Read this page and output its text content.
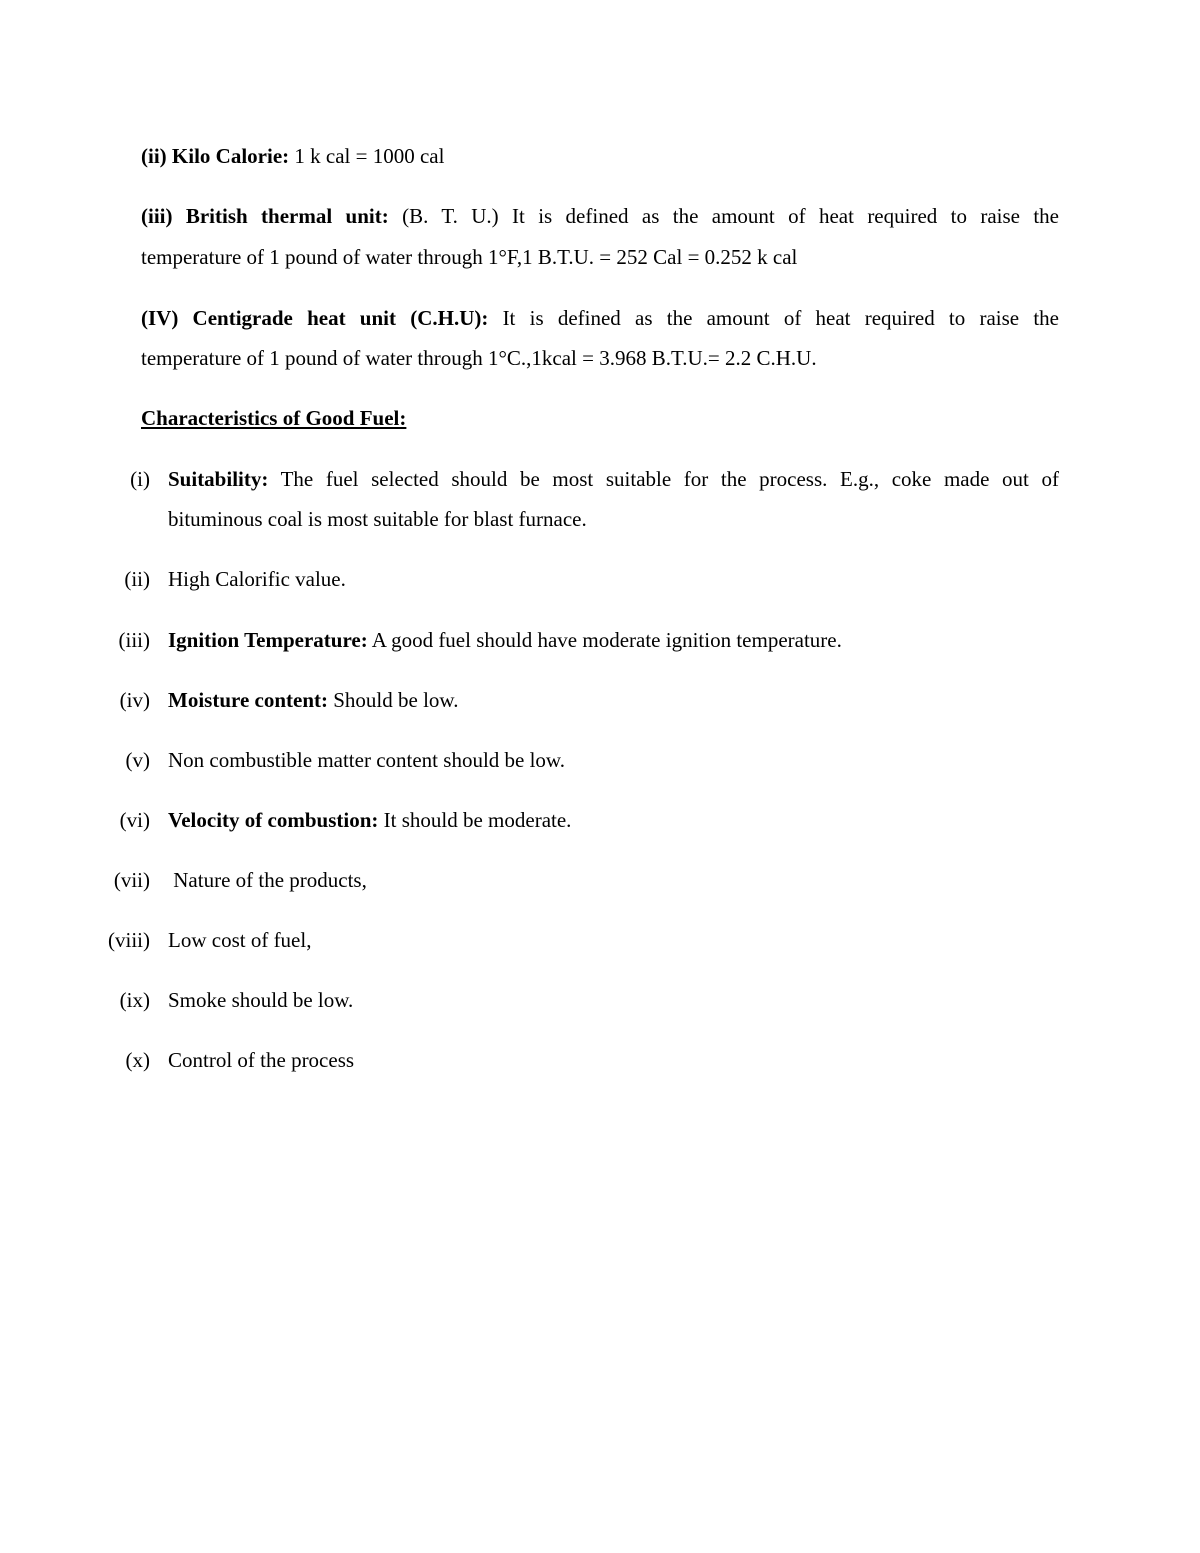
(ii) Kilo Calorie: 1 k cal = 1000 cal
(iii) British thermal unit: (B. T. U.) It is defined as the amount of heat required to raise the
temperature of 1 pound of water through 1°F,1 B.T.U. = 252 Cal = 0.252 k cal
(IV) Centigrade heat unit (C.H.U): It is defined as the amount of heat required to raise the
temperature of 1 pound of water through 1°C.,1kcal = 3.968 B.T.U.= 2.2 C.H.U.
Characteristics of Good Fuel:
(i) Suitability: The fuel selected should be most suitable for the process. E.g., coke made out of
bituminous coal is most suitable for blast furnace.
(ii) High Calorific value.
(iii) Ignition Temperature: A good fuel should have moderate ignition temperature.
(iv) Moisture content: Should be low.
(v) Non combustible matter content should be low.
(vi) Velocity of combustion: It should be moderate.
(vii) Nature of the products,
(viii) Low cost of fuel,
(ix) Smoke should be low.
(x) Control of the process
